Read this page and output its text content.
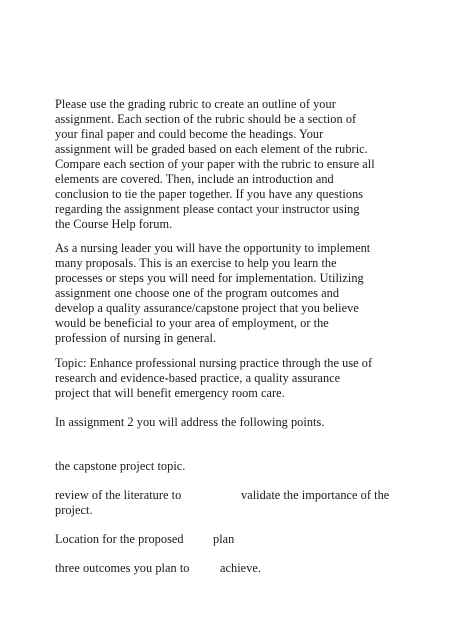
Please use the grading rubric to create an outline of your
assignment. Each section of the rubric should be a section of
your final paper and could become the headings. Your
assignment will be graded based on each element of the rubric.
Compare each section of your paper with the rubric to ensure all
elements are covered. Then, include an introduction and
conclusion to tie the paper together. If you have any questions
regarding the assignment please contact your instructor using
the Course Help forum.
As a nursing leader you will have the opportunity to implement
many proposals. This is an exercise to help you learn the
processes or steps you will need for implementation. Utilizing
assignment one choose one of the program outcomes and
develop a quality assurance/capstone project that you believe
would be beneficial to your area of employment, or the
profession of nursing in general.
Topic: Enhance professional nursing practice through the use of
research and evidence-based practice, a quality assurance
project that will benefit emergency room care.
In assignment 2 you will address the following points.
the capstone project topic.
review of the literature to	validate the importance of the
project.
Location for the proposed plan
three outcomes you plan to achieve.
